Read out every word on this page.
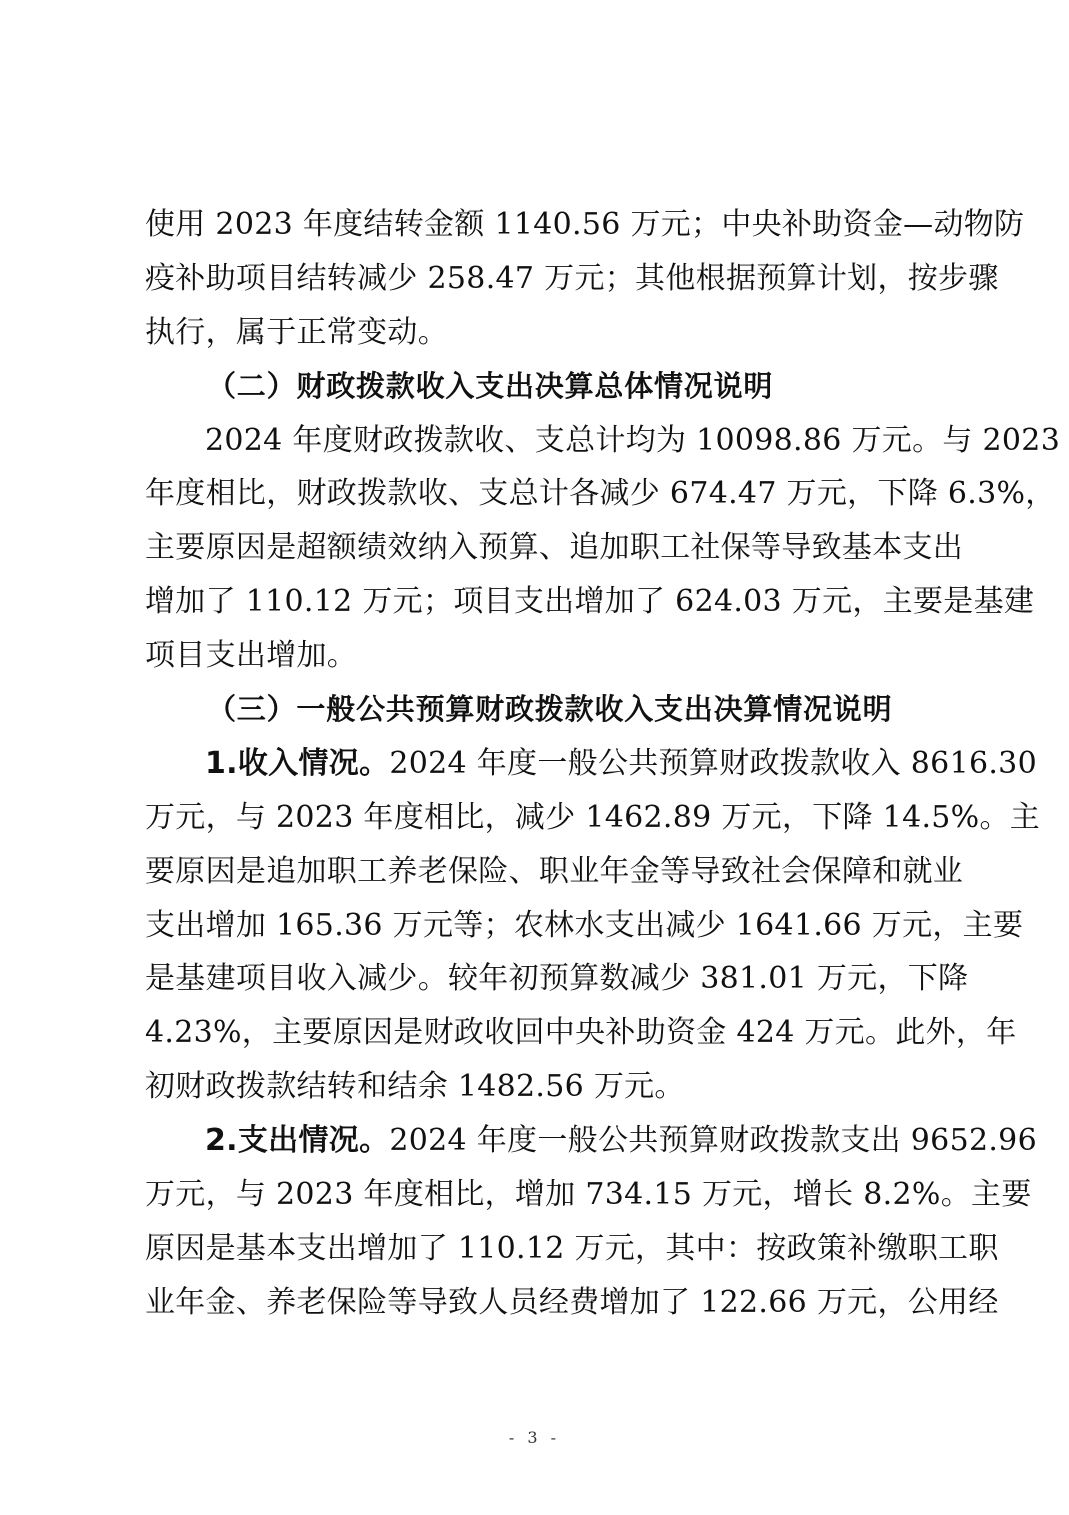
使用 2023 年度结转金额 1140.56 万元；中央补助资金—动物防
疫补助项目结转减少 258.47 万元；其他根据预算计划，按步骤
执行，属于正常变动。
（二）财政拨款收入支出决算总体情况说明
2024 年度财政拨款收、支总计均为 10098.86 万元。与 2023
年度相比，财政拨款收、支总计各减少 674.47 万元，下降 6.3%，
主要原因是超额绩效纳入预算、追加职工社保等导致基本支出
增加了 110.12 万元；项目支出增加了 624.03 万元，主要是基建
项目支出增加。
（三）一般公共预算财政拨款收入支出决算情况说明
1.收入情况。2024 年度一般公共预算财政拨款收入 8616.30
万元，与 2023 年度相比，减少 1462.89 万元，下降 14.5%。主
要原因是追加职工养老保险、职业年金等导致社会保障和就业
支出增加 165.36 万元等；农林水支出减少 1641.66 万元，主要
是基建项目收入减少。较年初预算数减少 381.01 万元，下降
4.23%，主要原因是财政收回中央补助资金 424 万元。此外，年
初财政拨款结转和结余 1482.56 万元。
2.支出情况。2024 年度一般公共预算财政拨款支出 9652.96
万元，与 2023 年度相比，增加 734.15 万元，增长 8.2%。主要
原因是基本支出增加了 110.12 万元，其中：按政策补缴职工职
业年金、养老保险等导致人员经费增加了 122.66 万元，公用经
- 3 -
